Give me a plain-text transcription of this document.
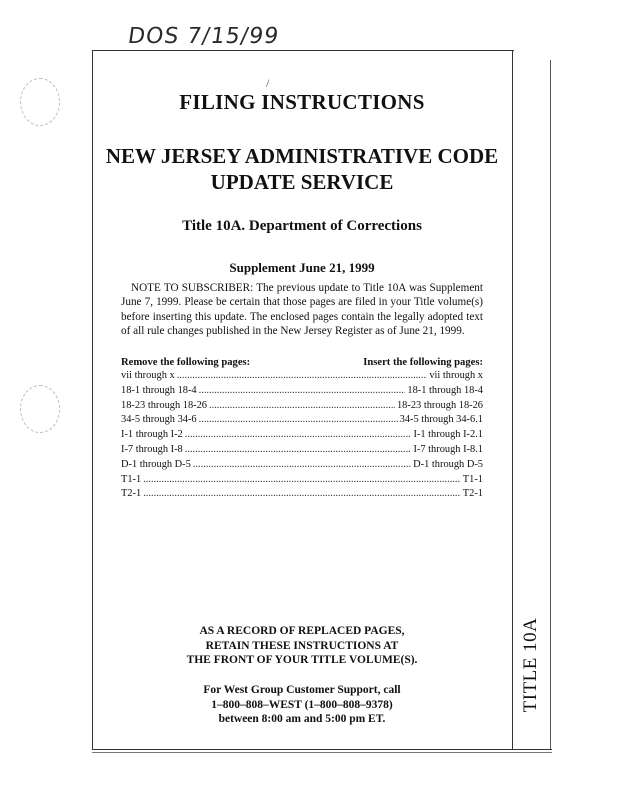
DOS 7/15/99
/
FILING INSTRUCTIONS
NEW JERSEY ADMINISTRATIVE CODE
UPDATE SERVICE
Title 10A. Department of Corrections
Supplement June 21, 1999
NOTE TO SUBSCRIBER: The previous update to Title 10A was Supplement June 7, 1999. Please be certain that those pages are filed in your Title volume(s) before inserting this update. The enclosed pages contain the legally adopted text of all rule changes published in the New Jersey Register as of June 21, 1999.
Remove the following pages:	Insert the following pages:
vii through x .....	vii through x
18-1 through 18-4 .....	18-1 through 18-4
18-23 through 18-26 .....	18-23 through 18-26
34-5 through 34-6 .....	34-5 through 34-6.1
I-1 through I-2 .....	I-1 through I-2.1
I-7 through I-8 .....	I-7 through I-8.1
D-1 through D-5 .....	D-1 through D-5
T1-1 .....	T1-1
T2-1 .....	T2-1
AS A RECORD OF REPLACED PAGES,
RETAIN THESE INSTRUCTIONS AT
THE FRONT OF YOUR TITLE VOLUME(S).
For West Group Customer Support, call
1–800–808–WEST (1–800–808–9378)
between 8:00 am and 5:00 pm ET.
TITLE 10A
